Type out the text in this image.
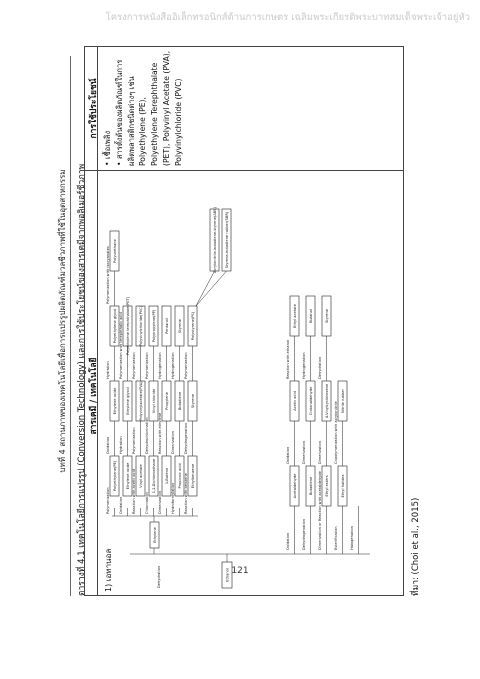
โครงการหนังสืออิเล็กทรอนิกส์ด้านการเกษตร เฉลิมพระเกียรติพระบาทสมเด็จพระเจ้าอยู่หัว
บทที่ 4 สถานภาพของเทคโนโลยีเพื่อการแปรรูปผลิตภัณฑ์มวลชีวภาพที่ใช้ในอุตสาหกรรม	ตารางที่ 4.1 เทคโนโลยีการแปรรูป (Conversion Technology) และการใช้ประโยชน์ของสารเคมีจากพอลิเมอร์ชีวภาพ สารเคมี / เทคโนโลยี
การใช้ประโยชน์
1) เอทานอล
• เชื้อเพลิง • สารตั้งต้นของผลิตภัณฑ์ในการ ผลิตพลาสติกชนิดต่างๆ เช่น Polyethylene (PE), Polyethylene Terephthalate (PET), Polyvinyl Acetate (PVA), Polyvinylchloride (PVC)
Ethanol
Dehydration
Ethylene
Polymerization
Polyethylene(PE)
Oxidation
Ethylene oxide
Hydration
Polyethylene glycol
Polymerization with isocyanates Polyurethane
Oxidation
Ethylene oxide
Hydration
Ethylene glycol
Polymerization with terephthalic acid Polyethylene terephthalate(PET)
Reaction with acetic acid Vinyl acetate
Polymerization
Polyvinylacetate(PVA)
Polymerization
Polyvinylchloride(PVC)
Chlorination
1,2-Dichloroethane
Dehydrochlorination
Vinyl chloride
Polymerization
Polypropylene(PP)
Dimerization
1-Butene
Reaction with ethylene
Propylene
Hydrogenation
Pentanol
Hydroformylation
Propionic acid
Dimerization
Butadiene
Hydrogenation
Styrene
Reaction with benzene Ethylbenzene
Dehydrogenation
Styrene
Polymerization
Polystyrene(PS)
Acrylonitrile-butadiene-styrene(ABS) Styrene-butadiene rubber(SBR)
Oxidation
Acetaldehyde
Oxidation
Acetic acid
Reaction with ethanol
Ethyl acetate
Dehydrogenation
Butadiene
Dimerization
Crotonaldehyde
Hydrogenation
Butanol
Dimerization or Reaction with acetaldehyde Ethyl esters
Dimerization
4-Vinylcyclohexene
Dehydration
Styrene
Esterification
Ethyl halides
Copolymerization with acrylonitrile
Nitrile rubber
Halogenation	ที่มา: (Choi et al., 2015)
121
